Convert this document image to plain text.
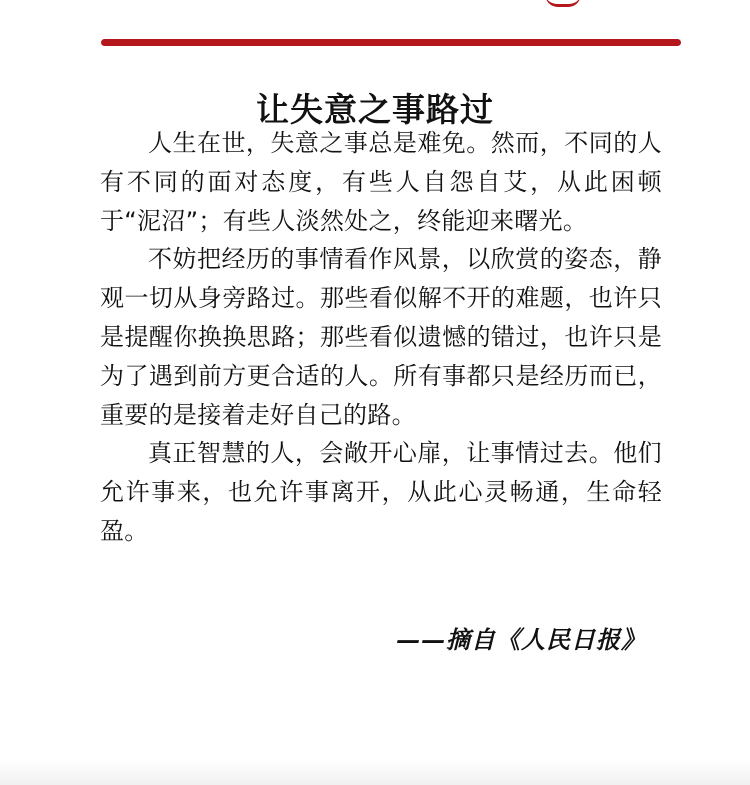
让失意之事路过

人生在世，失意之事总是难免。然而，不同的人有不同的面对态度，有些人自怨自艾，从此困顿于“泥沼”；有些人淡然处之，终能迎来曙光。

不妨把经历的事情看作风景，以欣赏的姿态，静观一切从身旁路过。那些看似解不开的难题，也许只是提醒你换换思路；那些看似遗憾的错过，也许只是为了遇到前方更合适的人。所有事都只是经历而已，重要的是接着走好自己的路。

真正智慧的人，会敞开心扉，让事情过去。他们允许事来，也允许事离开，从此心灵畅通，生命轻盈。

——摘自《人民日报》
